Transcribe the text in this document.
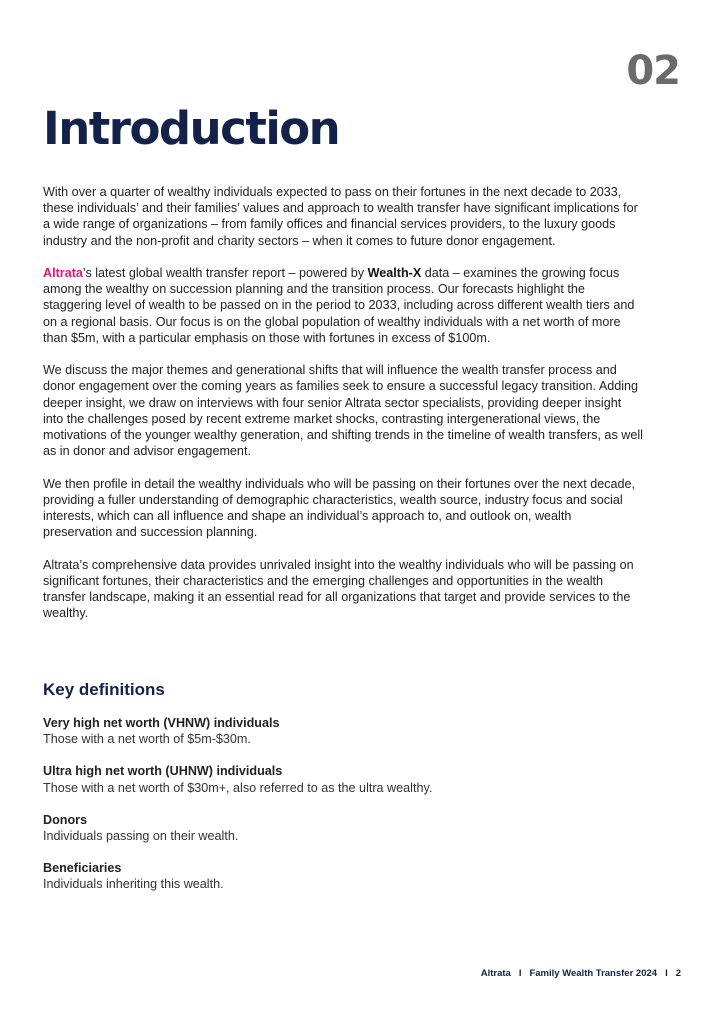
02
Introduction

With over a quarter of wealthy individuals expected to pass on their fortunes in the next decade to 2033, these individuals’ and their families’ values and approach to wealth transfer have significant implications for a wide range of organizations – from family offices and financial services providers, to the luxury goods industry and the non-profit and charity sectors – when it comes to future donor engagement.

Altrata’s latest global wealth transfer report – powered by Wealth-X data – examines the growing focus among the wealthy on succession planning and the transition process. Our forecasts highlight the staggering level of wealth to be passed on in the period to 2033, including across different wealth tiers and on a regional basis. Our focus is on the global population of wealthy individuals with a net worth of more than $5m, with a particular emphasis on those with fortunes in excess of $100m.

We discuss the major themes and generational shifts that will influence the wealth transfer process and donor engagement over the coming years as families seek to ensure a successful legacy transition. Adding deeper insight, we draw on interviews with four senior Altrata sector specialists, providing deeper insight into the challenges posed by recent extreme market shocks, contrasting intergenerational views, the motivations of the younger wealthy generation, and shifting trends in the timeline of wealth transfers, as well as in donor and advisor engagement.

We then profile in detail the wealthy individuals who will be passing on their fortunes over the next decade, providing a fuller understanding of demographic characteristics, wealth source, industry focus and social interests, which can all influence and shape an individual’s approach to, and outlook on, wealth preservation and succession planning.

Altrata’s comprehensive data provides unrivaled insight into the wealthy individuals who will be passing on significant fortunes, their characteristics and the emerging challenges and opportunities in the wealth transfer landscape, making it an essential read for all organizations that target and provide services to the wealthy.

Key definitions
Very high net worth (VHNW) individuals
Those with a net worth of $5m-$30m.
Ultra high net worth (UHNW) individuals
Those with a net worth of $30m+, also referred to as the ultra wealthy.
Donors
Individuals passing on their wealth.
Beneficiaries
Individuals inheriting this wealth.
Altrata I Family Wealth Transfer 2024 I 2
